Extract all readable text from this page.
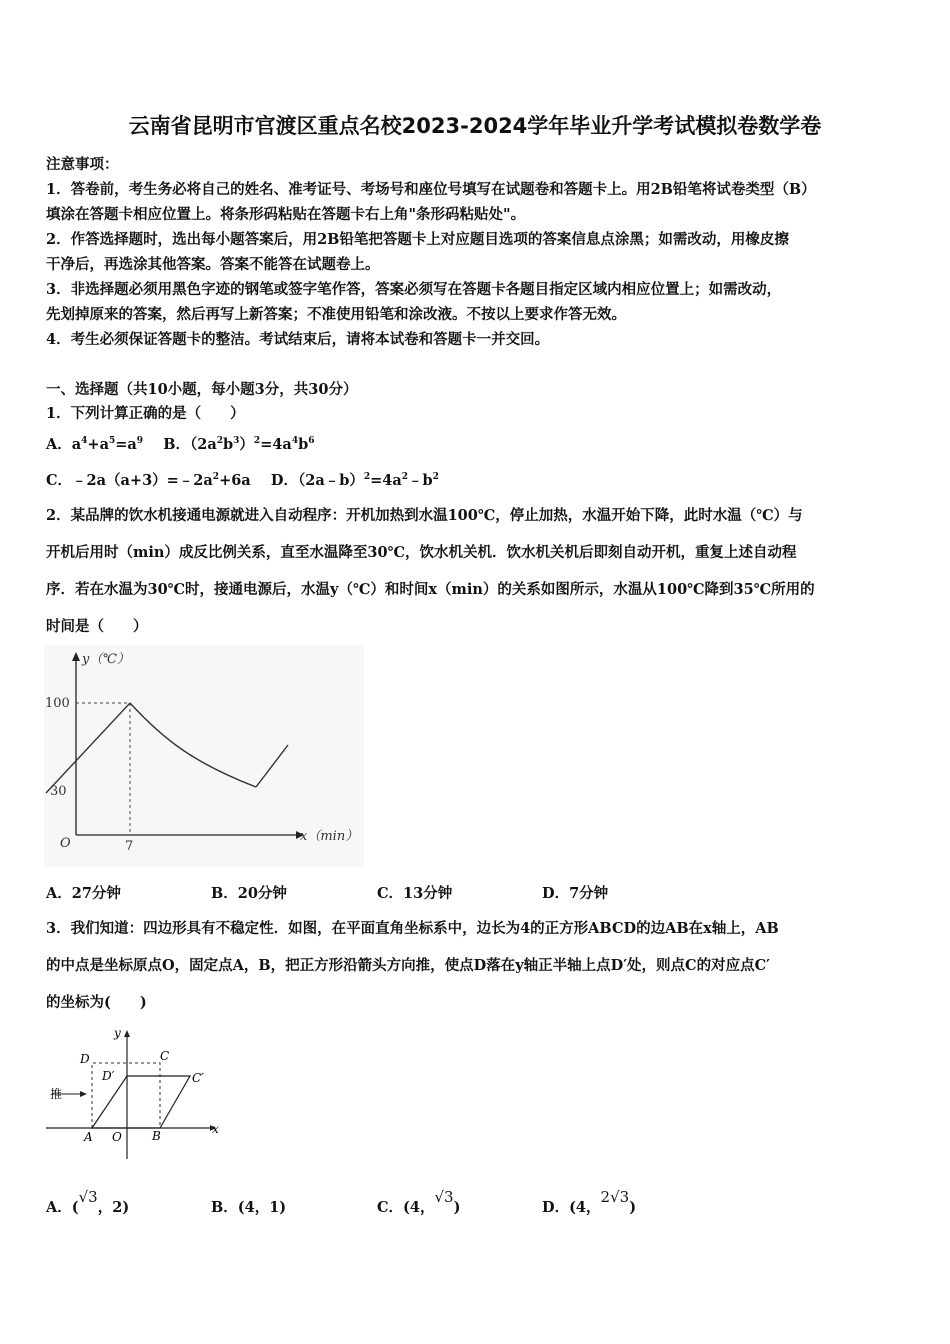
云南省昆明市官渡区重点名校2023-2024学年毕业升学考试模拟卷数学卷
注意事项：
1．答卷前，考生务必将自己的姓名、准考证号、考场号和座位号填写在试题卷和答题卡上。用2B铅笔将试卷类型（B）
填涂在答题卡相应位置上。将条形码粘贴在答题卡右上角"条形码粘贴处"。
2．作答选择题时，选出每小题答案后，用2B铅笔把答题卡上对应题目选项的答案信息点涂黑；如需改动，用橡皮擦
干净后，再选涂其他答案。答案不能答在试题卷上。
3．非选择题必须用黑色字迹的钢笔或签字笔作答，答案必须写在答题卡各题目指定区域内相应位置上；如需改动，
先划掉原来的答案，然后再写上新答案；不准使用铅笔和涂改液。不按以上要求作答无效。
4．考生必须保证答题卡的整洁。考试结束后，请将本试卷和答题卡一并交回。
一、选择题（共10小题，每小题3分，共30分）
1．下列计算正确的是（　　）
A．$a^4+a^5=a^9$ B．$(2a^2b^3)^2=4a^4b^6$
C．$﹣2a(a+3)=﹣2a^2+6a$ D．$(2a﹣b)^2=4a^2﹣b^2$
2．某品牌的饮水机接通电源就进入自动程序：开机加热到水温100℃，停止加热，水温开始下降，此时水温（℃）与
开机后用时（min）成反比例关系，直至水温降至30℃，饮水机关机．饮水机关机后即刻自动开机，重复上述自动程
序．若在水温为30℃时，接通电源后，水温y（℃）和时间x（min）的关系如图所示，水温从100℃降到35℃所用的
时间是（　　）
y（℃）
x（min）
100
30
O	7
A．27分钟	B．20分钟	C．13分钟	D．7分钟
3．我们知道：四边形具有不稳定性．如图，在平面直角坐标系中，边长为4的正方形ABCD的边AB在x轴上，AB
的中点是坐标原点O，固定点A，B，把正方形沿箭头方向推，使点D落在y轴正半轴上点D′处，则点C的对应点C′
的坐标为(　　)
y
x
D	C
D′	C′
A O	B
推
A．(√3，2)	B．(4，1)	C．(4，√3)	D．(4，2√3)
